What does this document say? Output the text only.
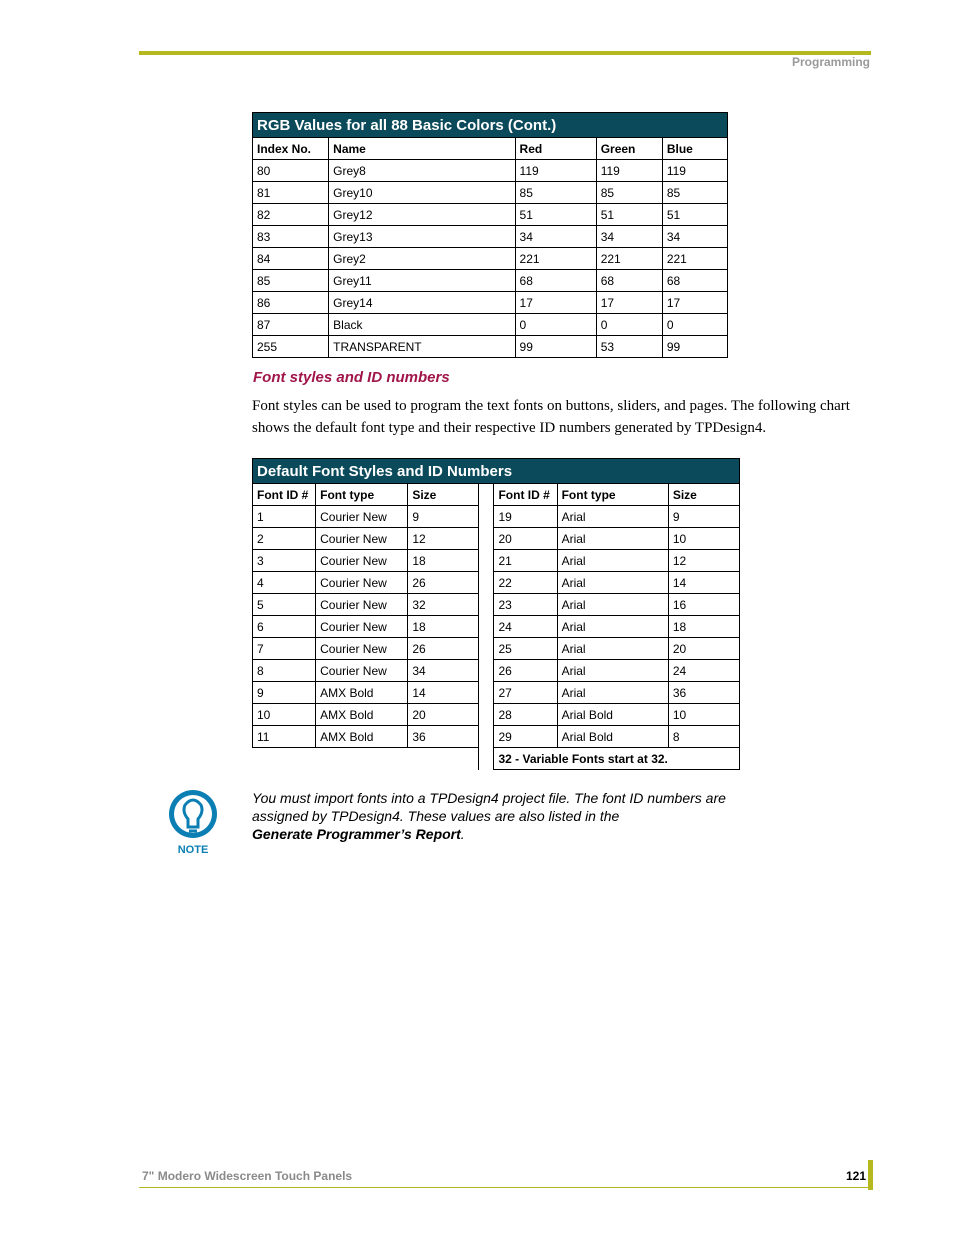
Programming
RGB Values for all 88 Basic Colors (Cont.)				
Index No.	Name	Red	Green	Blue
80	Grey8	119	119	119
81	Grey10	85	85	85
82	Grey12	51	51	51
83	Grey13	34	34	34
84	Grey2	221	221	221
85	Grey11	68	68	68
86	Grey14	17	17	17
87	Black	0	0	0
255	TRANSPARENT	99	53	99
Font styles and ID numbers
Font styles can be used to program the text fonts on buttons, sliders, and pages. The following chart shows the default font type and their respective ID numbers generated by TPDesign4.
Default Font Styles and ID Numbers						
Font ID #	Font type	Size		Font ID #	Font type	Size
1	Courier New	9		19	Arial	9
2	Courier New	12		20	Arial	10
3	Courier New	18		21	Arial	12
4	Courier New	26		22	Arial	14
5	Courier New	32		23	Arial	16
6	Courier New	18		24	Arial	18
7	Courier New	26		25	Arial	20
8	Courier New	34		26	Arial	24
9	AMX Bold	14		27	Arial	36
10	AMX Bold	20		28	Arial Bold	10
11	AMX Bold	36		29	Arial Bold	8
				32 - Variable Fonts start at 32.		
NOTE
You must import fonts into a TPDesign4 project file. The font ID numbers are assigned by TPDesign4. These values are also listed in the
Generate Programmer’s Report.
7" Modero Widescreen Touch Panels	121
